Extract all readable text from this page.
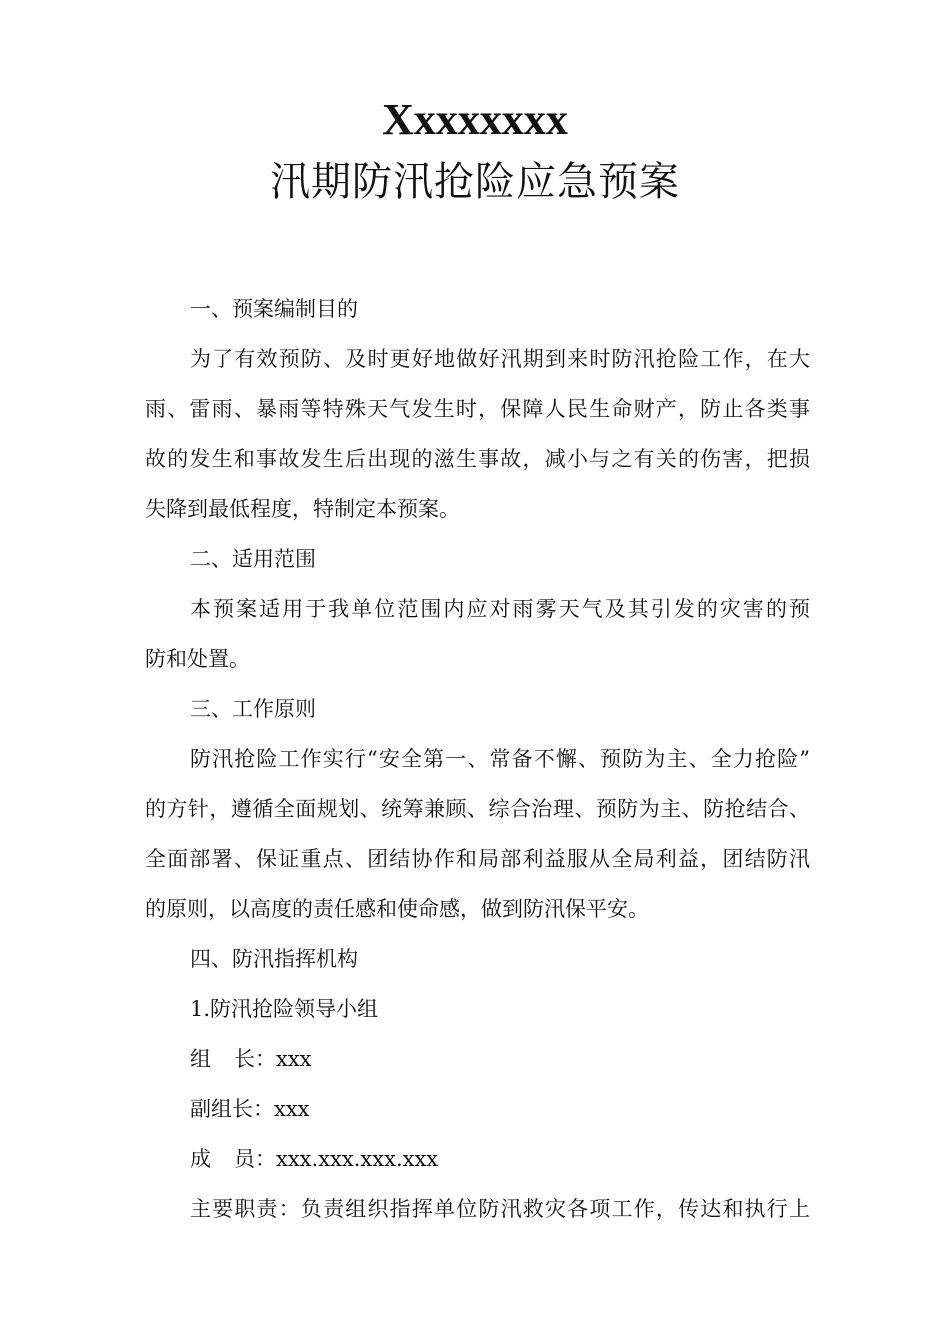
Xxxxxxxx
汛期防汛抢险应急预案
一、预案编制目的
为了有效预防、及时更好地做好汛期到来时防汛抢险工作，在大
雨、雷雨、暴雨等特殊天气发生时，保障人民生命财产，防止各类事
故的发生和事故发生后出现的滋生事故，减小与之有关的伤害，把损
失降到最低程度，特制定本预案。
二、适用范围
本预案适用于我单位范围内应对雨雾天气及其引发的灾害的预
防和处置。
三、工作原则
防汛抢险工作实行“安全第一、常备不懈、预防为主、全力抢险”
的方针，遵循全面规划、统筹兼顾、综合治理、预防为主、防抢结合、
全面部署、保证重点、团结协作和局部利益服从全局利益，团结防汛
的原则，以高度的责任感和使命感，做到防汛保平安。
四、防汛指挥机构
1.防汛抢险领导小组
组 长：xxx
副组长：xxx
成 员：xxx.xxx.xxx.xxx
主要职责：负责组织指挥单位防汛救灾各项工作，传达和执行上
